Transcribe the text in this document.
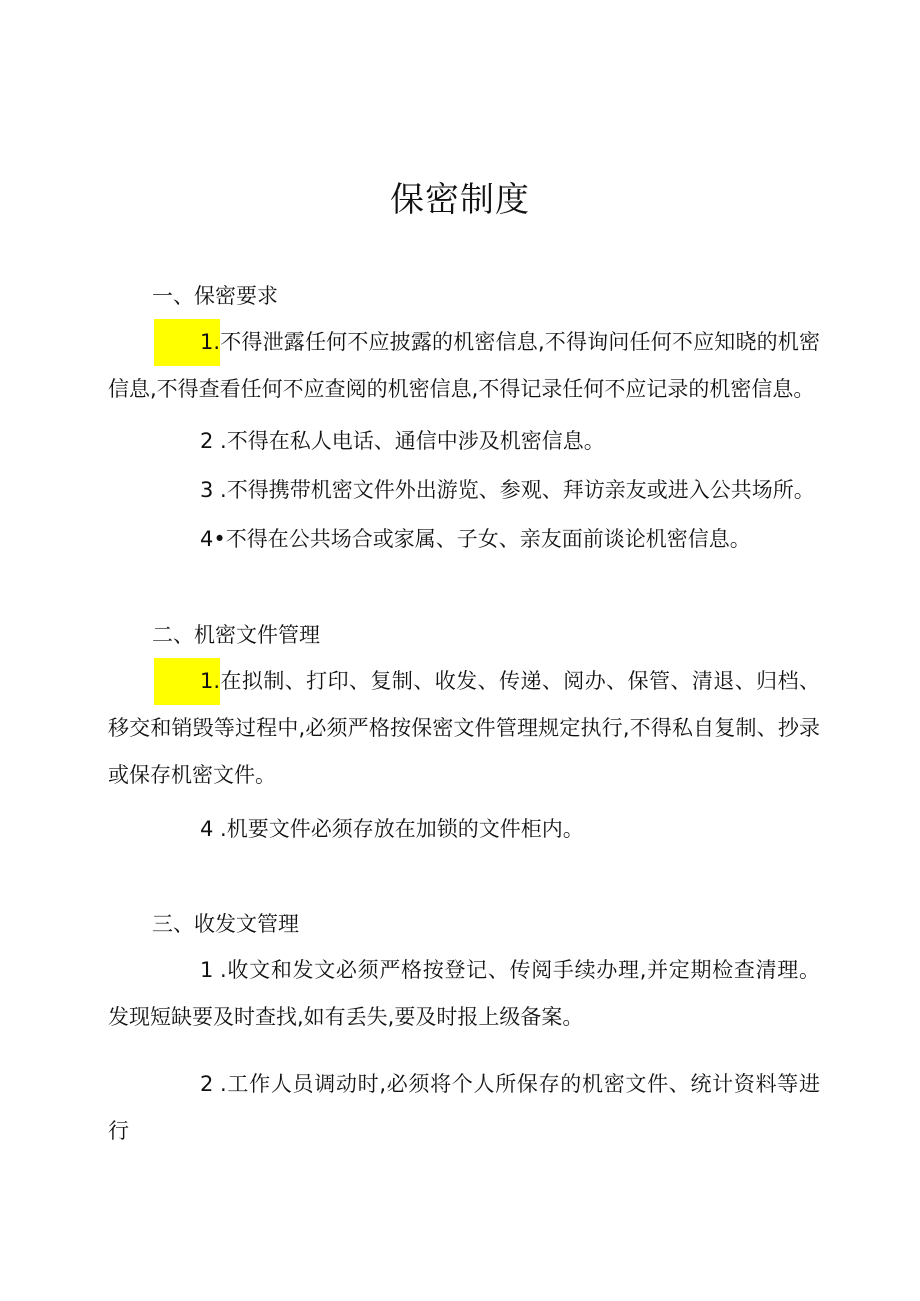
保密制度
一、保密要求
1.不得泄露任何不应披露的机密信息,不得询问任何不应知晓的机密信息,不得查看任何不应查阅的机密信息,不得记录任何不应记录的机密信息。
2 .不得在私人电话、通信中涉及机密信息。
3 .不得携带机密文件外出游览、参观、拜访亲友或进入公共场所。
4•不得在公共场合或家属、子女、亲友面前谈论机密信息。
二、机密文件管理
1.在拟制、打印、复制、收发、传递、阅办、保管、清退、归档、移交和销毁等过程中,必须严格按保密文件管理规定执行,不得私自复制、抄录或保存机密文件。
4 .机要文件必须存放在加锁的文件柜内。
三、收发文管理
1 .收文和发文必须严格按登记、传阅手续办理,并定期检查清理。发现短缺要及时查找,如有丢失,要及时报上级备案。
2 .工作人员调动时,必须将个人所保存的机密文件、统计资料等进行
